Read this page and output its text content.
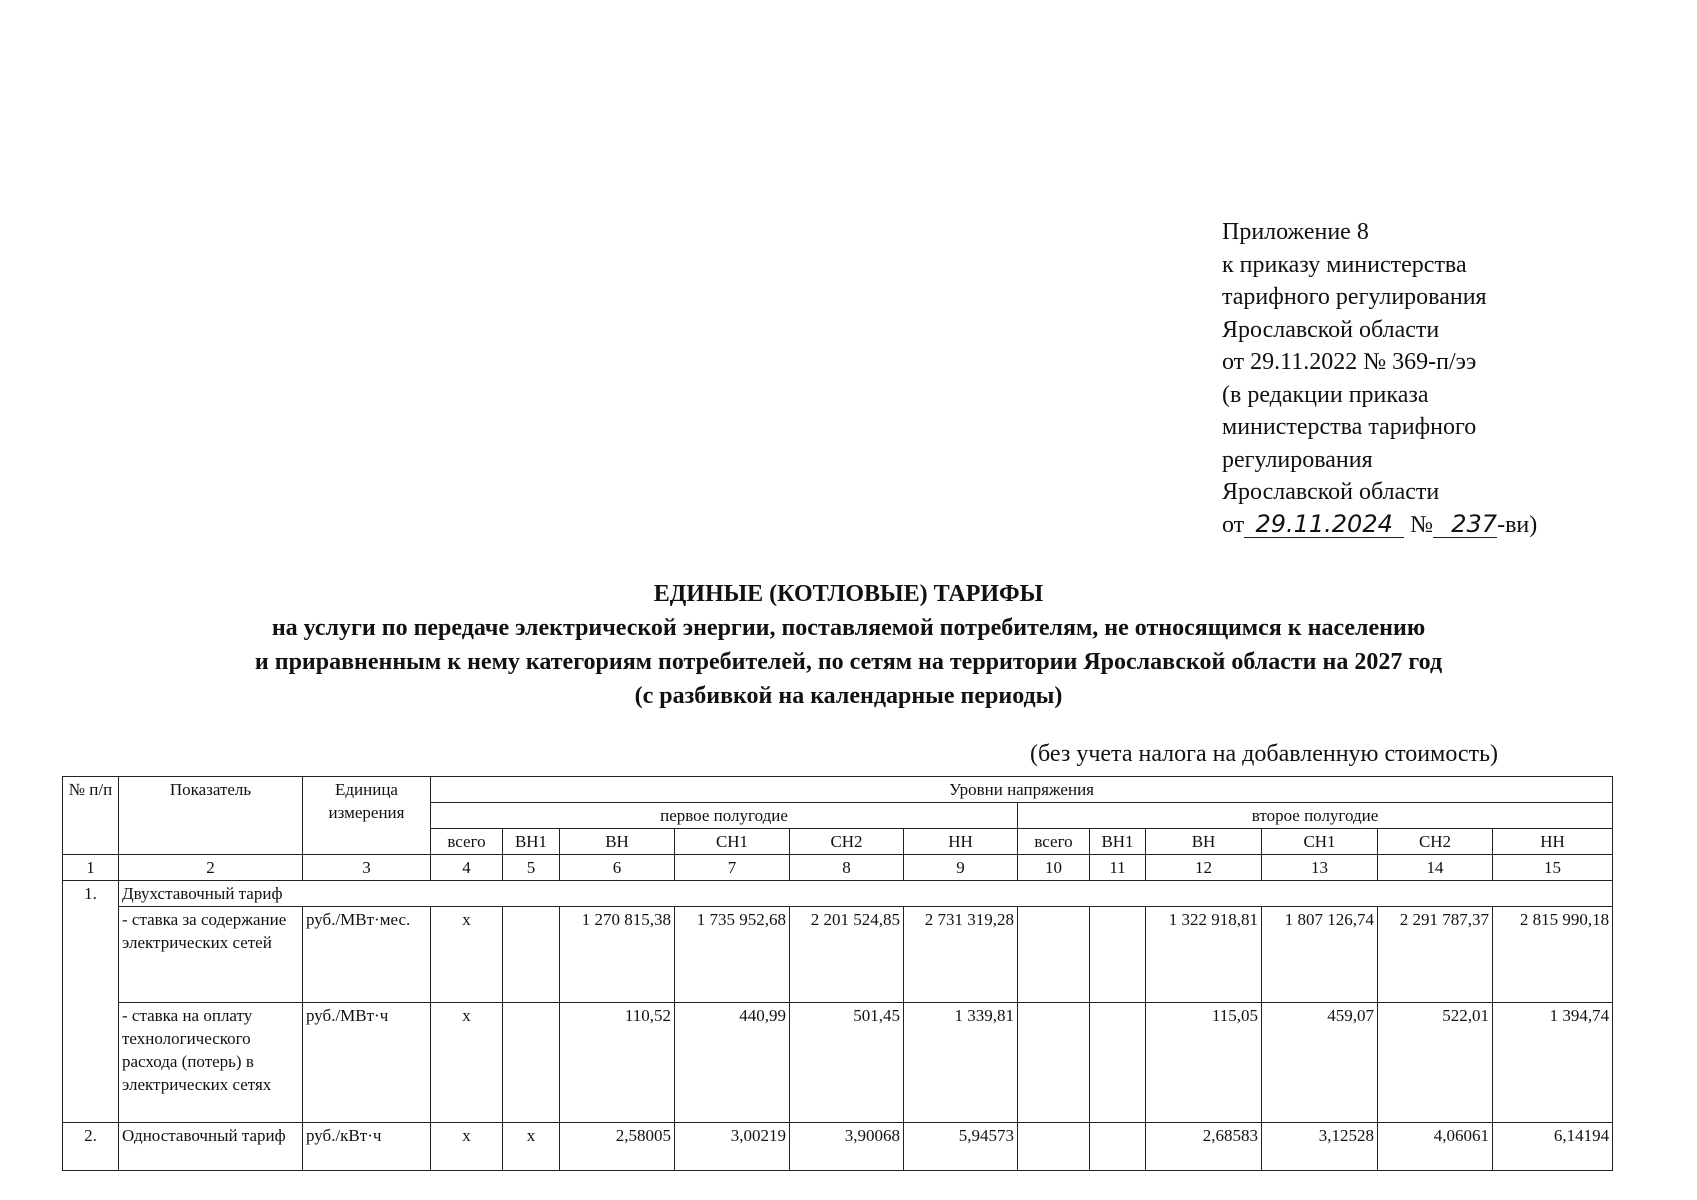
Приложение 8
к приказу министерства
тарифного регулирования
Ярославской области
от 29.11.2022 № 369-п/ээ
(в редакции приказа
министерства тарифного
регулирования
Ярославской области
от 29.11.2024 № 237-ви)
ЕДИНЫЕ (КОТЛОВЫЕ) ТАРИФЫ
на услуги по передаче электрической энергии, поставляемой потребителям, не относящимся к населению
и приравненным к нему категориям потребителей, по сетям на территории Ярославской области на 2027 год
(с разбивкой на календарные периоды)
(без учета налога на добавленную стоимость)
№ п/п	Показатель	Единица измерения	Уровни напряжения											
			первое полугодие						второе полугодие					
			всего	ВН1	ВН	СН1	СН2	НН	всего	ВН1	ВН	СН1	СН2	НН
1	2	3	4	5	6	7	8	9	10	11	12	13	14	15
1.	Двухставочный тариф													
	- ставка за содержание электрических сетей	руб./МВт·мес.	х		1 270 815,38	1 735 952,68	2 201 524,85	2 731 319,28			1 322 918,81	1 807 126,74	2 291 787,37	2 815 990,18
	- ставка на оплату технологического расхода (потерь) в электрических сетях	руб./МВт·ч	х		110,52	440,99	501,45	1 339,81			115,05	459,07	522,01	1 394,74
2.	Одноставочный тариф	руб./кВт·ч	х	х	2,58005	3,00219	3,90068	5,94573			2,68583	3,12528	4,06061	6,14194
